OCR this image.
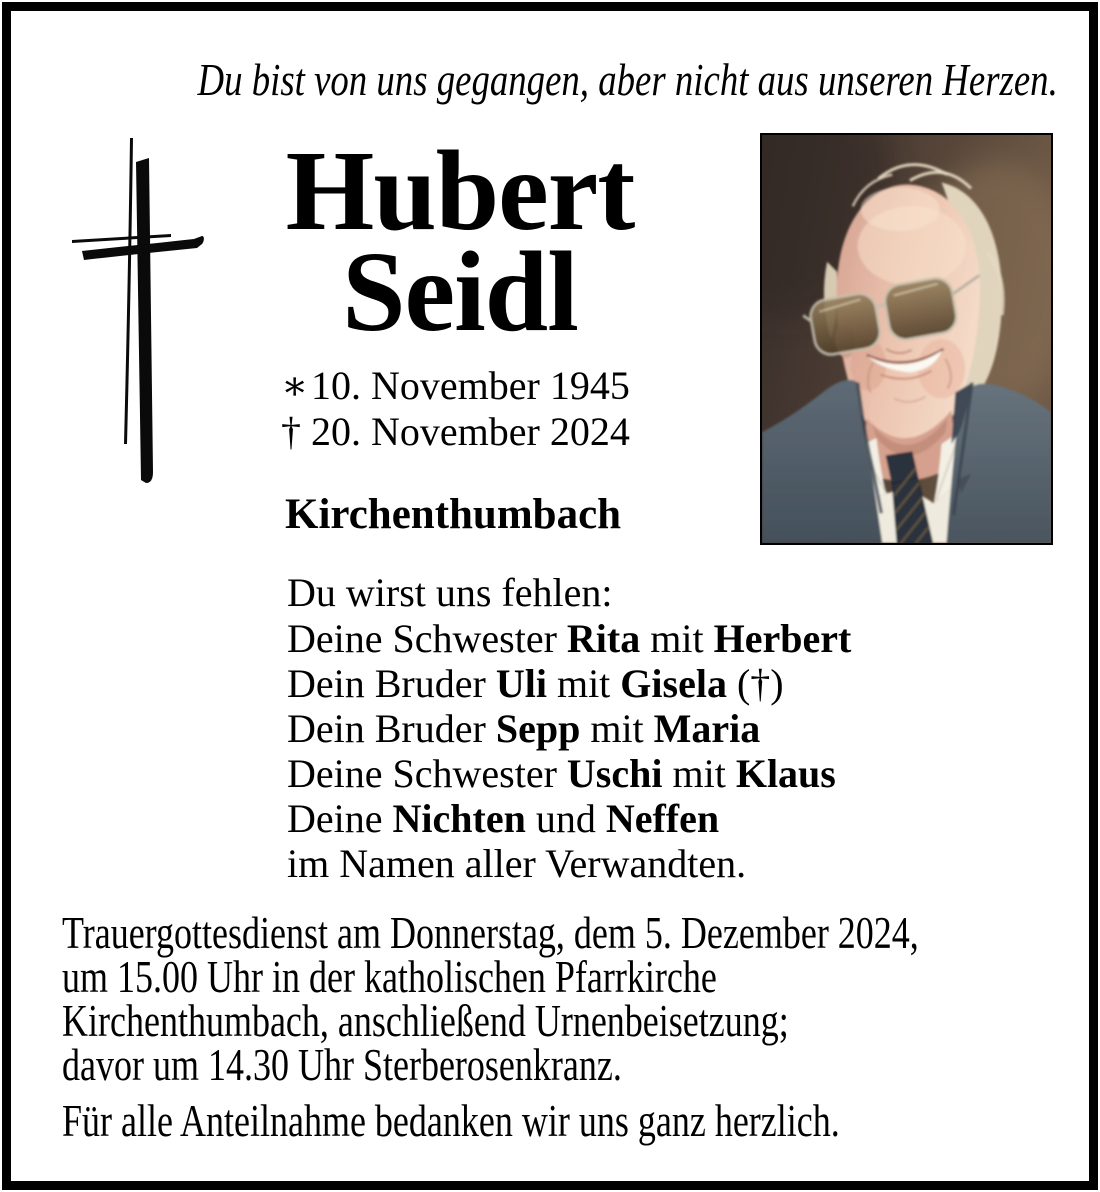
Du bist von uns gegangen, aber nicht aus unseren Herzen.
Hubert
Seidl
∗10. November 1945
† 20. November 2024
Kirchenthumbach
Du wirst uns fehlen:
Deine Schwester Rita mit Herbert
Dein Bruder Uli mit Gisela (†)
Dein Bruder Sepp mit Maria
Deine Schwester Uschi mit Klaus
Deine Nichten und Neffen
im Namen aller Verwandten.
Trauergottesdienst am Donnerstag, dem 5. Dezember 2024,
um 15.00 Uhr in der katholischen Pfarrkirche
Kirchenthumbach, anschließend Urnenbeisetzung;
davor um 14.30 Uhr Sterberosenkranz.
Für alle Anteilnahme bedanken wir uns ganz herzlich.
